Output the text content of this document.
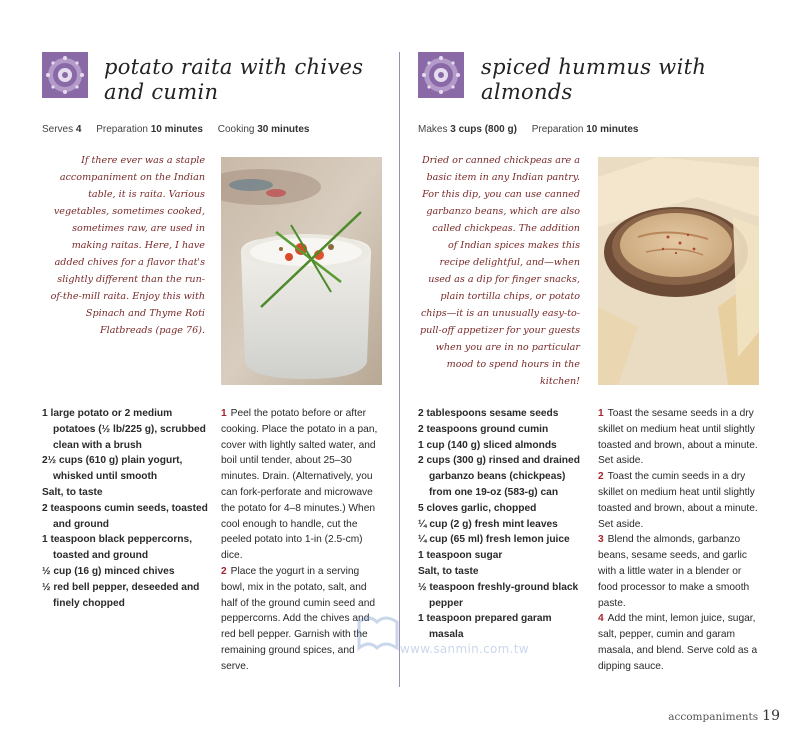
potato raita with chives and cumin
Serves 4 Preparation 10 minutes Cooking 30 minutes
If there ever was a staple accompaniment on the Indian table, it is raita. Various vegetables, sometimes cooked, sometimes raw, are used in making raitas. Here, I have added chives for a flavor that's slightly different than the run-of-the-mill raita. Enjoy this with Spinach and Thyme Roti Flatbreads (page 76).
1 large potato or 2 medium potatoes (½ lb/225 g), scrubbed clean with a brush
2½ cups (610 g) plain yogurt, whisked until smooth
Salt, to taste
2 teaspoons cumin seeds, toasted and ground
1 teaspoon black peppercorns, toasted and ground
½ cup (16 g) minced chives
½ red bell pepper, deseeded and finely chopped
1 Peel the potato before or after cooking. Place the potato in a pan, cover with lightly salted water, and boil until tender, about 25–30 minutes. Drain. (Alternatively, you can fork-perforate and microwave the potato for 4–8 minutes.) When cool enough to handle, cut the peeled potato into 1-in (2.5-cm) dice.
2 Place the yogurt in a serving bowl, mix in the potato, salt, and half of the ground cumin seed and peppercorns. Add the chives and red bell pepper. Garnish with the remaining ground spices, and serve.
spiced hummus with almonds
Makes 3 cups (800 g) Preparation 10 minutes
Dried or canned chickpeas are a basic item in any Indian pantry. For this dip, you can use canned garbanzo beans, which are also called chickpeas. The addition of Indian spices makes this recipe delightful, and—when used as a dip for finger snacks, plain tortilla chips, or potato chips—it is an unusually easy-to-pull-off appetizer for your guests when you are in no particular mood to spend hours in the kitchen!
2 tablespoons sesame seeds
2 teaspoons ground cumin
1 cup (140 g) sliced almonds
2 cups (300 g) rinsed and drained garbanzo beans (chickpeas) from one 19-oz (583-g) can
5 cloves garlic, chopped
¼ cup (2 g) fresh mint leaves
¼ cup (65 ml) fresh lemon juice
1 teaspoon sugar
Salt, to taste
½ teaspoon freshly-ground black pepper
1 teaspoon prepared garam masala
1 Toast the sesame seeds in a dry skillet on medium heat until slightly toasted and brown, about a minute. Set aside.
2 Toast the cumin seeds in a dry skillet on medium heat until slightly toasted and brown, about a minute. Set aside.
3 Blend the almonds, garbanzo beans, sesame seeds, and garlic with a little water in a blender or food processor to make a smooth paste.
4 Add the mint, lemon juice, sugar, salt, pepper, cumin and garam masala, and blend. Serve cold as a dipping sauce.
www.sanmin.com.tw
accompaniments 19
